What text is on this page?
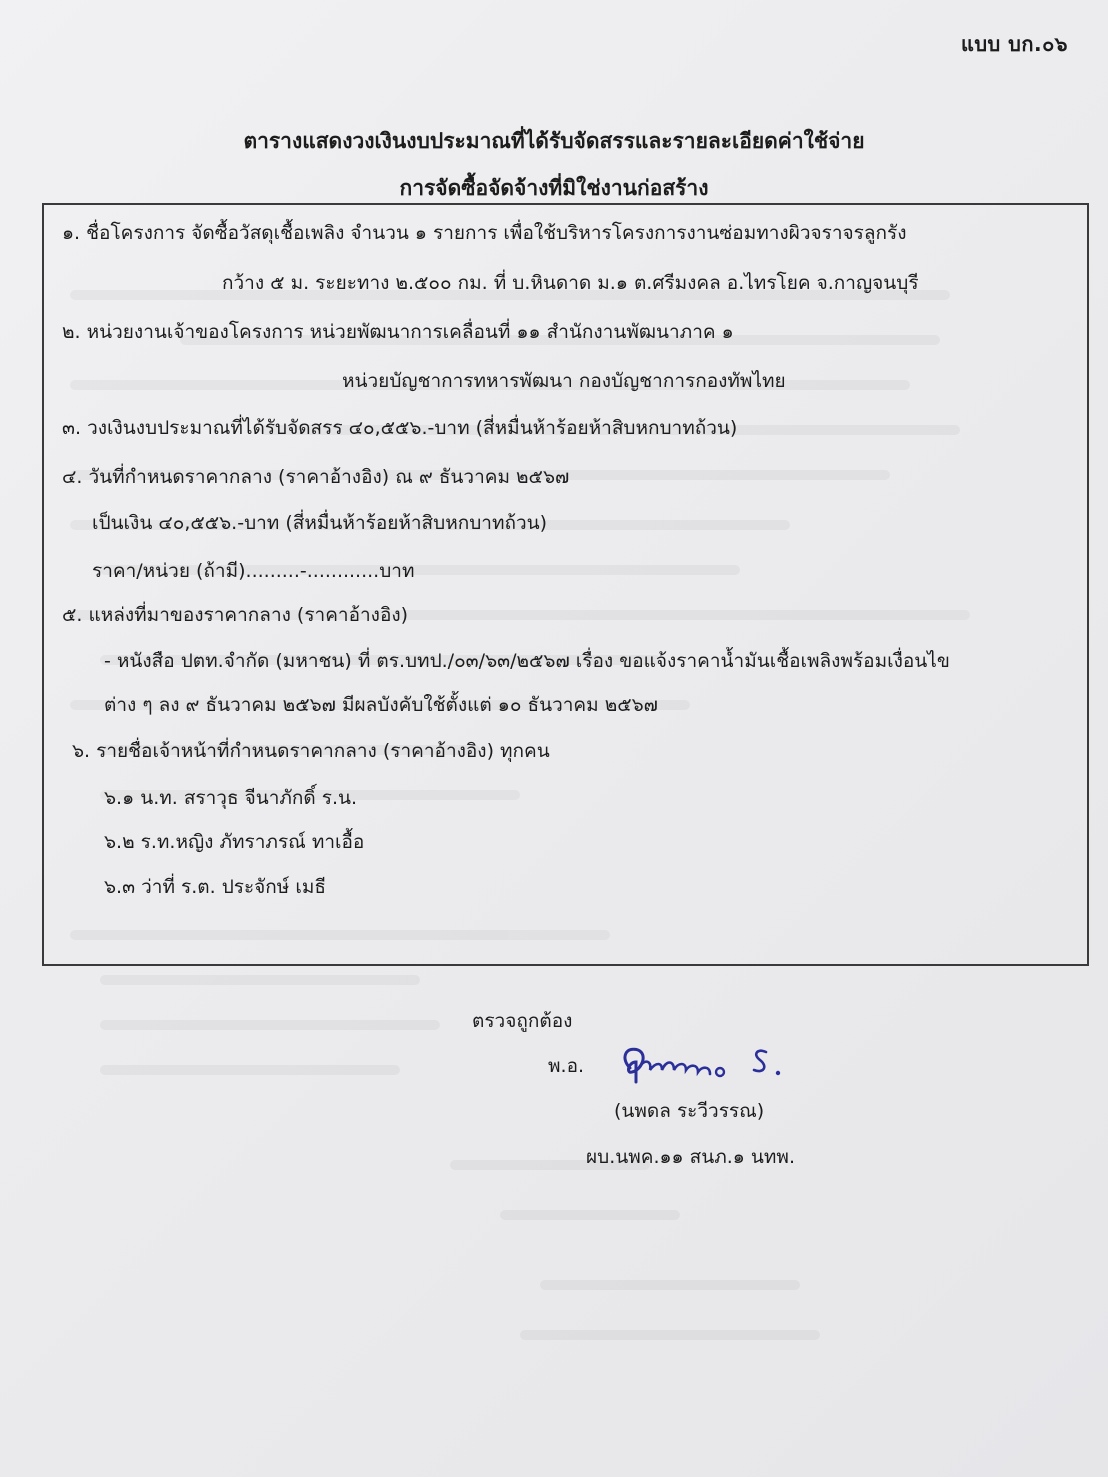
แบบ บก.๐๖
ตารางแสดงวงเงินงบประมาณที่ได้รับจัดสรรและรายละเอียดค่าใช้จ่าย
การจัดซื้อจัดจ้างที่มิใช่งานก่อสร้าง
๑. ชื่อโครงการ จัดซื้อวัสดุเชื้อเพลิง จำนวน ๑ รายการ เพื่อใช้บริหารโครงการงานซ่อมทางผิวจราจรลูกรัง
กว้าง ๕ ม. ระยะทาง ๒.๕๐๐ กม. ที่ บ.หินดาด ม.๑ ต.ศรีมงคล อ.ไทรโยค จ.กาญจนบุรี
๒. หน่วยงานเจ้าของโครงการ หน่วยพัฒนาการเคลื่อนที่ ๑๑ สำนักงานพัฒนาภาค ๑
หน่วยบัญชาการทหารพัฒนา กองบัญชาการกองทัพไทย
๓. วงเงินงบประมาณที่ได้รับจัดสรร ๔๐,๕๕๖.-บาท (สี่หมื่นห้าร้อยห้าสิบหกบาทถ้วน)
๔. วันที่กำหนดราคากลาง (ราคาอ้างอิง) ณ ๙ ธันวาคม ๒๕๖๗
เป็นเงิน ๔๐,๕๕๖.-บาท (สี่หมื่นห้าร้อยห้าสิบหกบาทถ้วน)
ราคา/หน่วย (ถ้ามี).........-............บาท
๕. แหล่งที่มาของราคากลาง (ราคาอ้างอิง)
- หนังสือ ปตท.จำกัด (มหาชน) ที่ ตร.บทป./๐๓/๖๓/๒๕๖๗ เรื่อง ขอแจ้งราคาน้ำมันเชื้อเพลิงพร้อมเงื่อนไข
ต่าง ๆ ลง ๙ ธันวาคม ๒๕๖๗ มีผลบังคับใช้ตั้งแต่ ๑๐ ธันวาคม ๒๕๖๗
๖. รายชื่อเจ้าหน้าที่กำหนดราคากลาง (ราคาอ้างอิง) ทุกคน
๖.๑ น.ท. สราวุธ จีนาภักดิ์ ร.น.
๖.๒ ร.ท.หญิง ภัทราภรณ์ ทาเอื้อ
๖.๓ ว่าที่ ร.ต. ประจักษ์ เมธี
ตรวจถูกต้อง
พ.อ.
(นพดล ระวีวรรณ)
ผบ.นพค.๑๑ สนภ.๑ นทพ.
